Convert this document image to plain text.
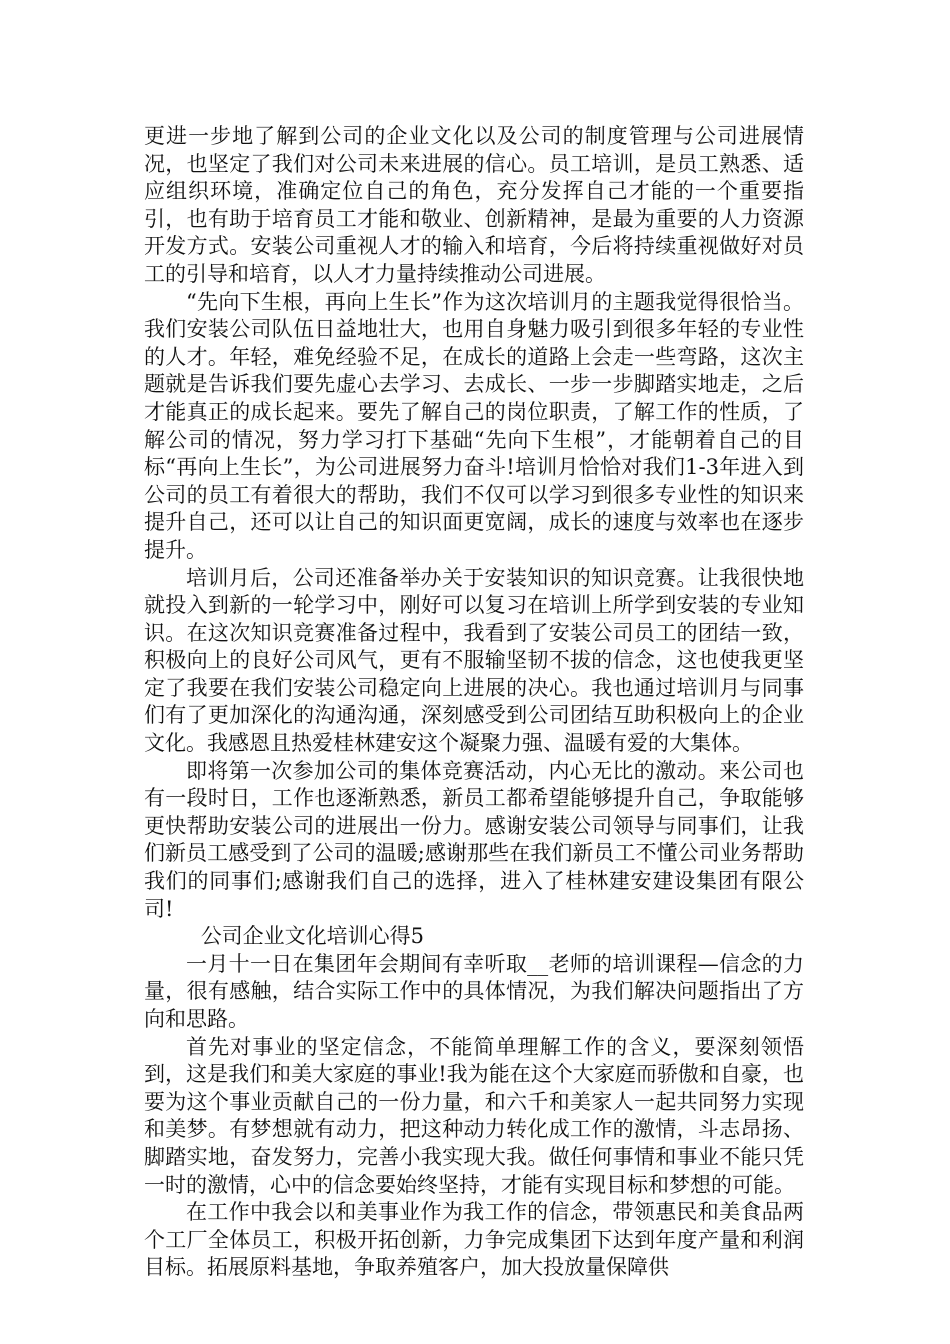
更进一步地了解到公司的企业文化以及公司的制度管理与公司进展情况，也坚定了我们对公司未来进展的信心。员工培训，是员工熟悉、适应组织环境，准确定位自己的角色，充分发挥自己才能的一个重要指引，也有助于培育员工才能和敬业、创新精神，是最为重要的人力资源开发方式。安装公司重视人才的输入和培育，今后将持续重视做好对员工的引导和培育，以人才力量持续推动公司进展。

“先向下生根，再向上生长”作为这次培训月的主题我觉得很恰当。我们安装公司队伍日益地壮大，也用自身魅力吸引到很多年轻的专业性的人才。年轻，难免经验不足，在成长的道路上会走一些弯路，这次主题就是告诉我们要先虚心去学习、去成长、一步一步脚踏实地走，之后才能真正的成长起来。要先了解自己的岗位职责，了解工作的性质，了解公司的情况，努力学习打下基础“先向下生根”，才能朝着自己的目标“再向上生长”，为公司进展努力奋斗!培训月恰恰对我们1-3年进入到公司的员工有着很大的帮助，我们不仅可以学习到很多专业性的知识来提升自己，还可以让自己的知识面更宽阔，成长的速度与效率也在逐步提升。

培训月后，公司还准备举办关于安装知识的知识竞赛。让我很快地就投入到新的一轮学习中，刚好可以复习在培训上所学到安装的专业知识。在这次知识竞赛准备过程中，我看到了安装公司员工的团结一致，积极向上的良好公司风气，更有不服输坚韧不拔的信念，这也使我更坚定了我要在我们安装公司稳定向上进展的决心。我也通过培训月与同事们有了更加深化的沟通沟通，深刻感受到公司团结互助积极向上的企业文化。我感恩且热爱桂林建安这个凝聚力强、温暖有爱的大集体。

即将第一次参加公司的集体竞赛活动，内心无比的激动。来公司也有一段时日，工作也逐渐熟悉，新员工都希望能够提升自己，争取能够更快帮助安装公司的进展出一份力。感谢安装公司领导与同事们，让我们新员工感受到了公司的温暖;感谢那些在我们新员工不懂公司业务帮助我们的同事们;感谢我们自己的选择，进入了桂林建安建设集团有限公司!

公司企业文化培训心得5

一月十一日在集团年会期间有幸听取__老师的培训课程—信念的力量，很有感触，结合实际工作中的具体情况，为我们解决问题指出了方向和思路。

首先对事业的坚定信念，不能简单理解工作的含义，要深刻领悟到，这是我们和美大家庭的事业!我为能在这个大家庭而骄傲和自豪，也要为这个事业贡献自己的一份力量，和六千和美家人一起共同努力实现和美梦。有梦想就有动力，把这种动力转化成工作的激情，斗志昂扬、脚踏实地，奋发努力，完善小我实现大我。做任何事情和事业不能只凭一时的激情，心中的信念要始终坚持，才能有实现目标和梦想的可能。

在工作中我会以和美事业作为我工作的信念，带领惠民和美食品两个工厂全体员工，积极开拓创新，力争完成集团下达到年度产量和利润目标。拓展原料基地，争取养殖客户，加大投放量保障供
